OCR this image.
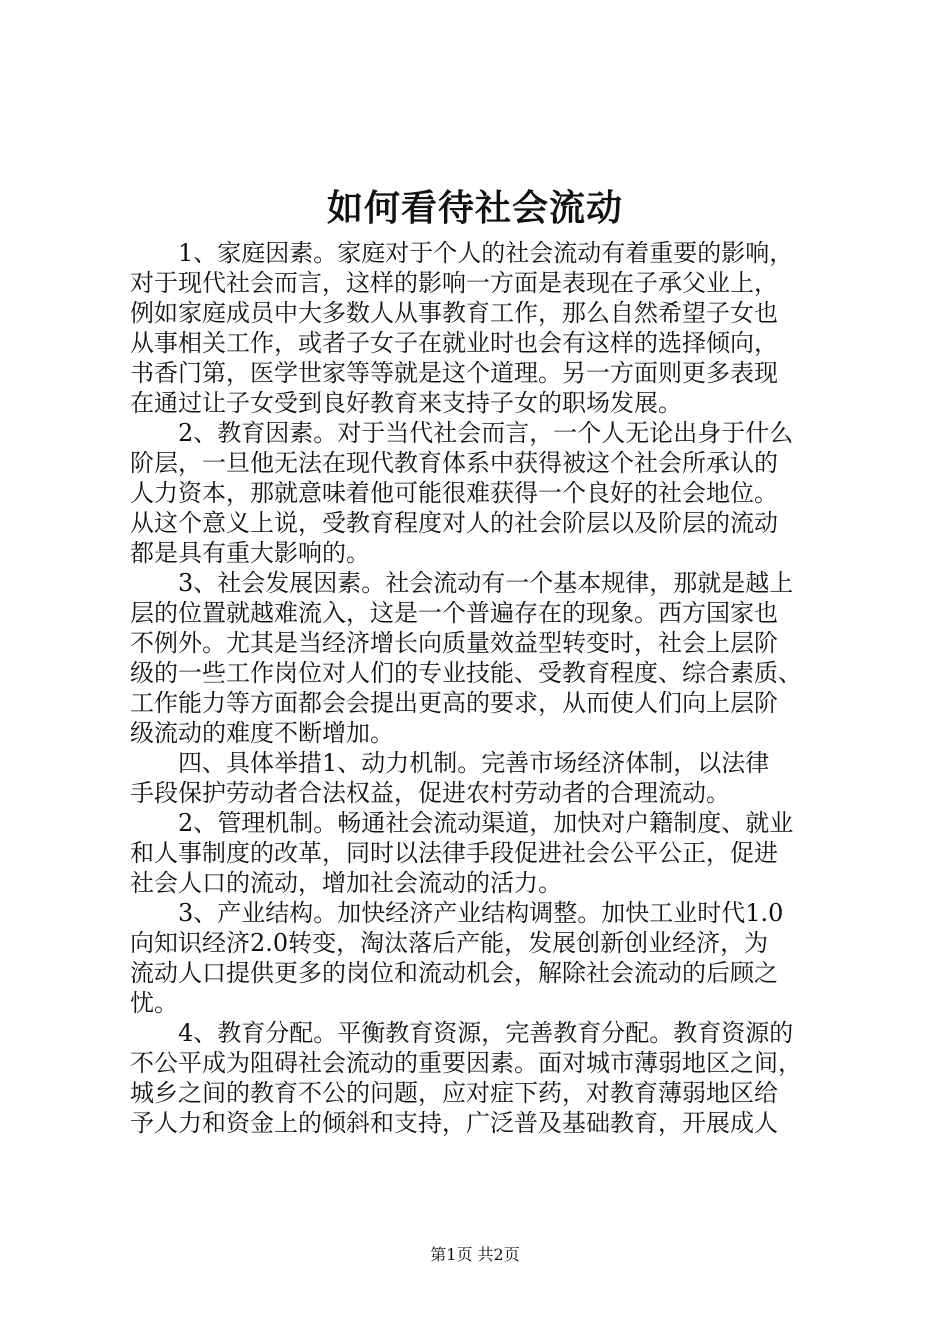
如何看待社会流动
　　1、家庭因素。家庭对于个人的社会流动有着重要的影响，
对于现代社会而言，这样的影响一方面是表现在子承父业上，
例如家庭成员中大多数人从事教育工作，那么自然希望子女也
从事相关工作，或者子女子在就业时也会有这样的选择倾向，
书香门第，医学世家等等就是这个道理。另一方面则更多表现
在通过让子女受到良好教育来支持子女的职场发展。
　　2、教育因素。对于当代社会而言，一个人无论出身于什么
阶层，一旦他无法在现代教育体系中获得被这个社会所承认的
人力资本，那就意味着他可能很难获得一个良好的社会地位。
从这个意义上说，受教育程度对人的社会阶层以及阶层的流动
都是具有重大影响的。
　　3、社会发展因素。社会流动有一个基本规律，那就是越上
层的位置就越难流入，这是一个普遍存在的现象。西方国家也
不例外。尤其是当经济增长向质量效益型转变时，社会上层阶
级的一些工作岗位对人们的专业技能、受教育程度、综合素质、
工作能力等方面都会会提出更高的要求，从而使人们向上层阶
级流动的难度不断增加。
　　四、具体举措1、动力机制。完善市场经济体制，以法律
手段保护劳动者合法权益，促进农村劳动者的合理流动。
　　2、管理机制。畅通社会流动渠道，加快对户籍制度、就业
和人事制度的改革，同时以法律手段促进社会公平公正，促进
社会人口的流动，增加社会流动的活力。
　　3、产业结构。加快经济产业结构调整。加快工业时代1.0
向知识经济2.0转变，淘汰落后产能，发展创新创业经济，为
流动人口提供更多的岗位和流动机会，解除社会流动的后顾之
忧。
　　4、教育分配。平衡教育资源，完善教育分配。教育资源的
不公平成为阻碍社会流动的重要因素。面对城市薄弱地区之间，
城乡之间的教育不公的问题，应对症下药，对教育薄弱地区给
予人力和资金上的倾斜和支持，广泛普及基础教育，开展成人
第1页 共2页
